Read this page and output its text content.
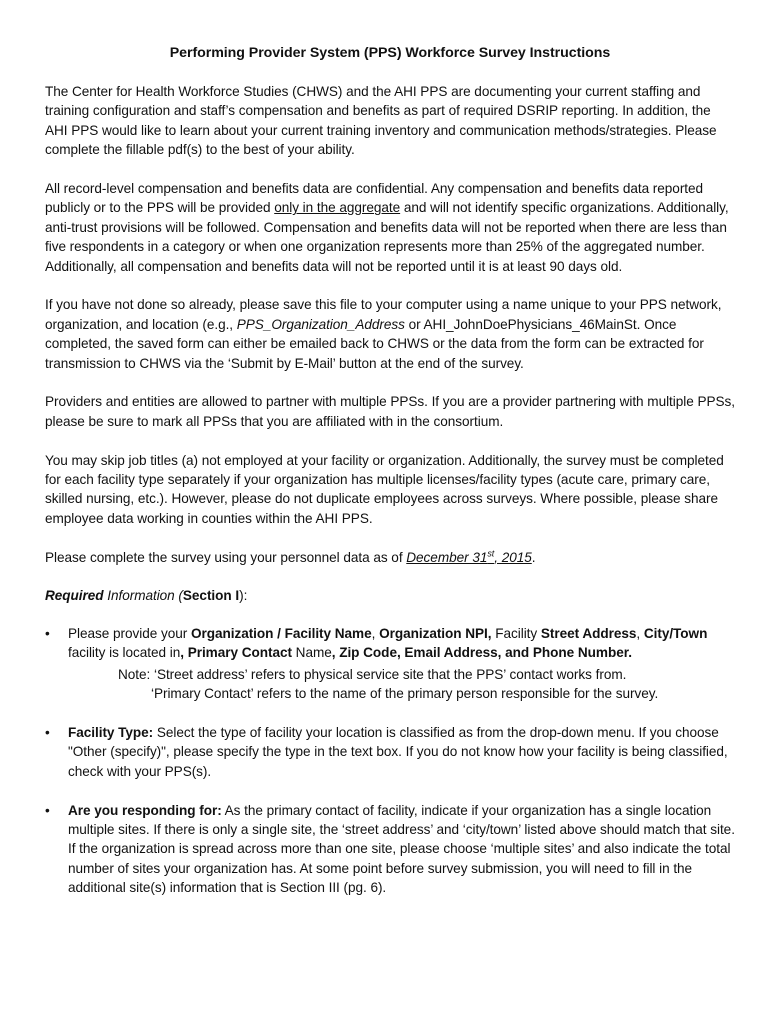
Performing Provider System (PPS) Workforce Survey Instructions

The Center for Health Workforce Studies (CHWS) and the AHI PPS are documenting your current staffing and training configuration and staff’s compensation and benefits as part of required DSRIP reporting. In addition, the AHI PPS would like to learn about your current training inventory and communication methods/strategies. Please complete the fillable pdf(s) to the best of your ability.

All record-level compensation and benefits data are confidential. Any compensation and benefits data reported publicly or to the PPS will be provided only in the aggregate and will not identify specific organizations. Additionally, anti-trust provisions will be followed. Compensation and benefits data will not be reported when there are less than five respondents in a category or when one organization represents more than 25% of the aggregated number. Additionally, all compensation and benefits data will not be reported until it is at least 90 days old.

If you have not done so already, please save this file to your computer using a name unique to your PPS network, organization, and location (e.g., PPS_Organization_Address or AHI_JohnDoePhysicians_46MainSt. Once completed, the saved form can either be emailed back to CHWS or the data from the form can be extracted for transmission to CHWS via the ‘Submit by E-Mail’ button at the end of the survey.

Providers and entities are allowed to partner with multiple PPSs. If you are a provider partnering with multiple PPSs, please be sure to mark all PPSs that you are affiliated with in the consortium.

You may skip job titles (a) not employed at your facility or organization. Additionally, the survey must be completed for each facility type separately if your organization has multiple licenses/facility types (acute care, primary care, skilled nursing, etc.). However, please do not duplicate employees across surveys. Where possible, please share employee data working in counties within the AHI PPS.

Please complete the survey using your personnel data as of December 31st, 2015.

Required Information (Section I):

• Please provide your Organization / Facility Name, Organization NPI, Facility Street Address, City/Town facility is located in, Primary Contact Name, Zip Code, Email Address, and Phone Number.
Note: ‘Street address’ refers to physical service site that the PPS’ contact works from.
‘Primary Contact’ refers to the name of the primary person responsible for the survey.
• Facility Type: Select the type of facility your location is classified as from the drop-down menu. If you choose "Other (specify)", please specify the type in the text box. If you do not know how your facility is being classified, check with your PPS(s).
• Are you responding for: As the primary contact of facility, indicate if your organization has a single location multiple sites. If there is only a single site, the ‘street address’ and ‘city/town’ listed above should match that site. If the organization is spread across more than one site, please choose ‘multiple sites’ and also indicate the total number of sites your organization has. At some point before survey submission, you will need to fill in the additional site(s) information that is Section III (pg. 6).
